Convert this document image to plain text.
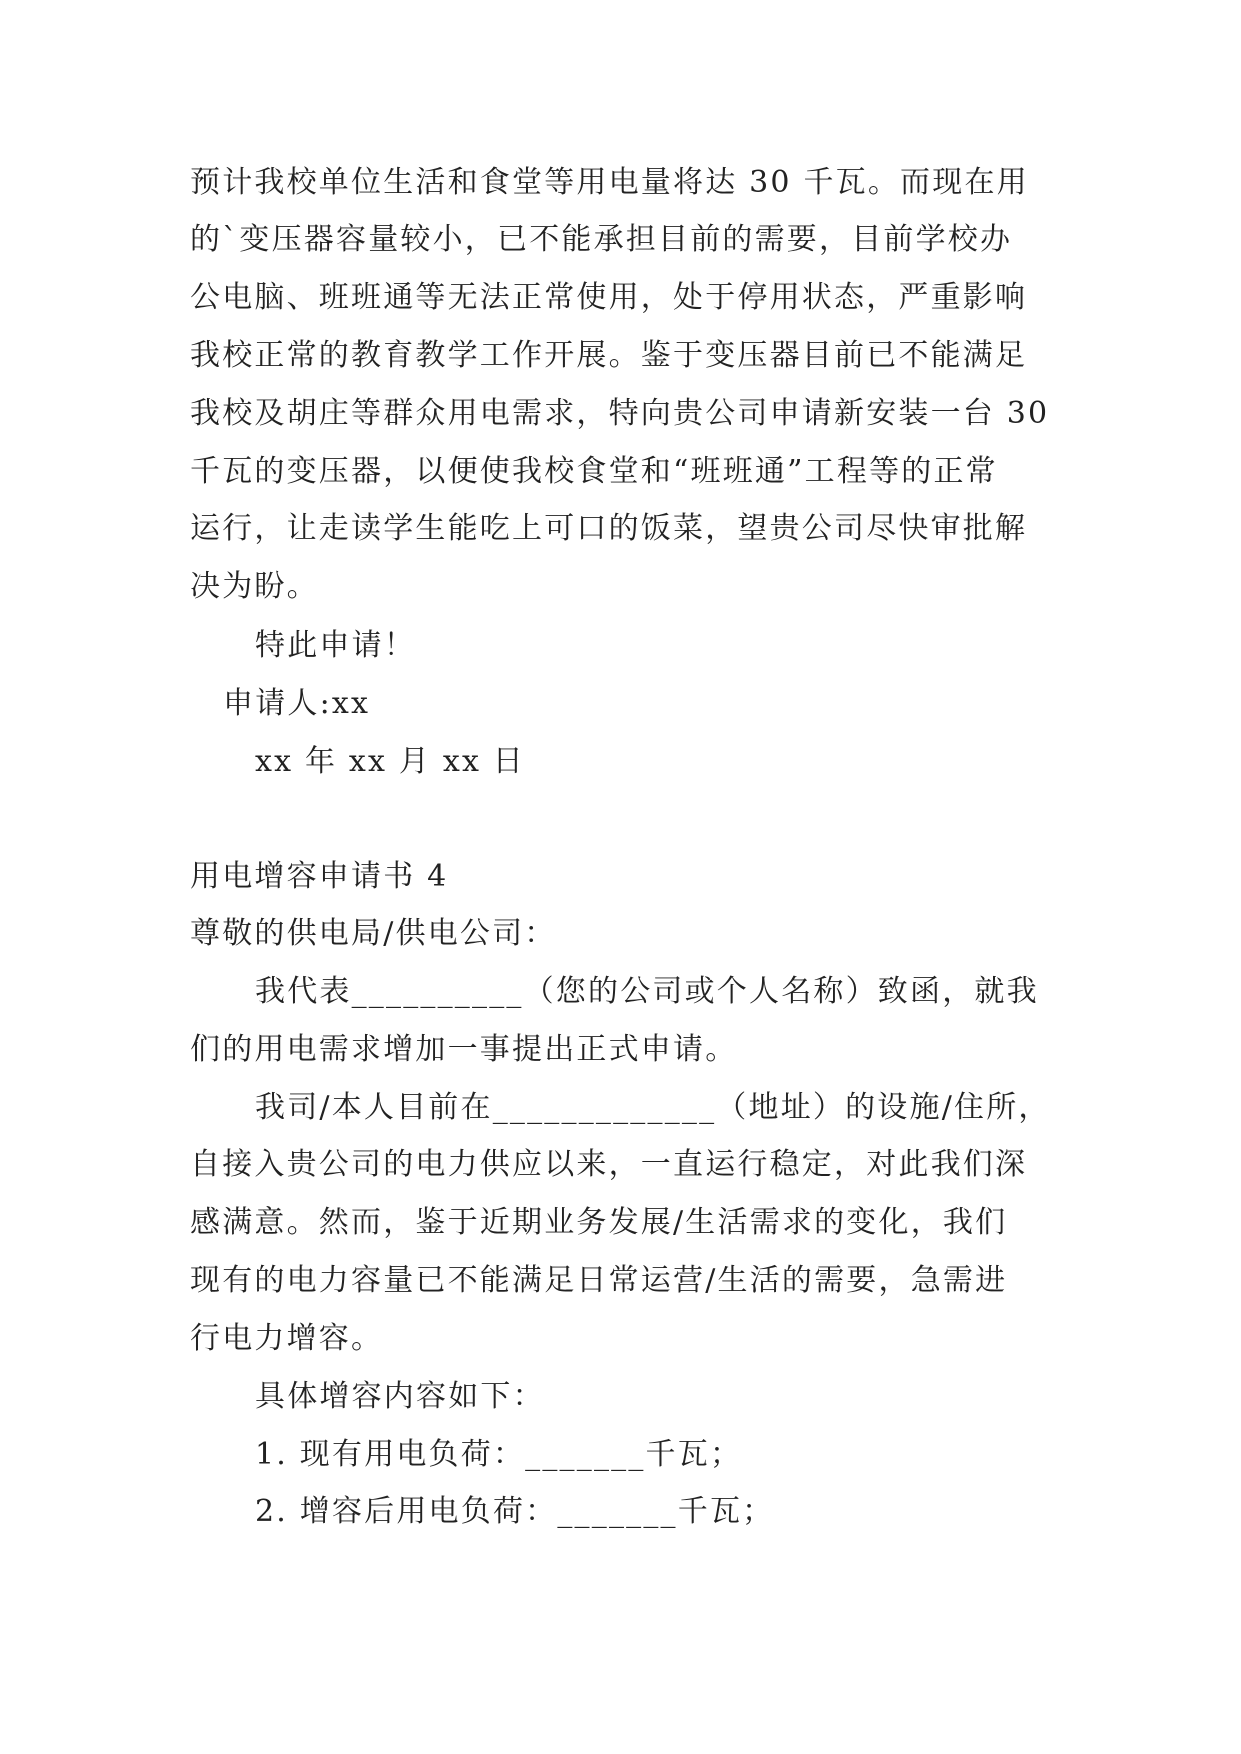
预计我校单位生活和食堂等用电量将达 30 千瓦。而现在用
的`变压器容量较小，已不能承担目前的需要，目前学校办
公电脑、班班通等无法正常使用，处于停用状态，严重影响
我校正常的教育教学工作开展。鉴于变压器目前已不能满足
我校及胡庄等群众用电需求，特向贵公司申请新安装一台 30
千瓦的变压器，以便使我校食堂和“班班通”工程等的正常
运行，让走读学生能吃上可口的饭菜，望贵公司尽快审批解
决为盼。
特此申请！
申请人:xx
xx 年 xx 月 xx 日
用电增容申请书 4
尊敬的供电局/供电公司：
我代表__________（您的公司或个人名称）致函，就我
们的用电需求增加一事提出正式申请。
我司/本人目前在_____________（地址）的设施/住所，
自接入贵公司的电力供应以来，一直运行稳定，对此我们深
感满意。然而，鉴于近期业务发展/生活需求的变化，我们
现有的电力容量已不能满足日常运营/生活的需要，急需进
行电力增容。
具体增容内容如下：
1. 现有用电负荷：_______千瓦；
2. 增容后用电负荷：_______千瓦；
